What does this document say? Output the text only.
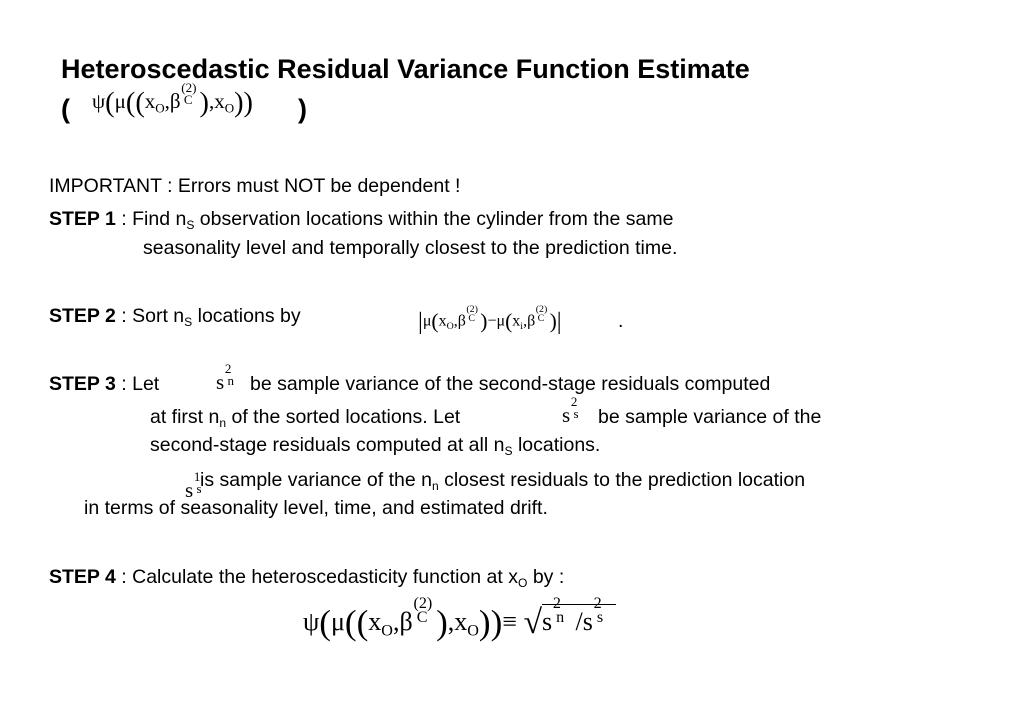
Heteroscedastic Residual Variance Function Estimate
( $\psi(\mu((x_O,\beta$
(2)
C )$,x_O$)) )
IMPORTANT : Errors must NOT be dependent !
STEP 1 : Find $n_S$ observation locations within the cylinder from the same
seasonality level and temporally closest to the prediction time.
STEP 2 : Sort $n_S$ locations by	$|\mu(x_O,\beta$
(2)
C )$-\mu(x_i,\beta$
(2)
C )|	.
STEP 3 : Let	s
2
n be sample variance of the second-stage residuals computed
at first $n_n$ of the sorted locations. Let	s
2
s be sample variance of the
second-stage residuals computed at all $n_S$ locations.
s
1
s
is sample variance of the $n_n$ closest residuals to the prediction location
in terms of seasonality level, time, and estimated drift.
STEP 4 : Calculate the heteroscedasticity function at $x_O$ by :
$\psi(\mu((x_O,\beta$
(2)
C )$,x_O))\equiv √s$
2
n /s
2
s
